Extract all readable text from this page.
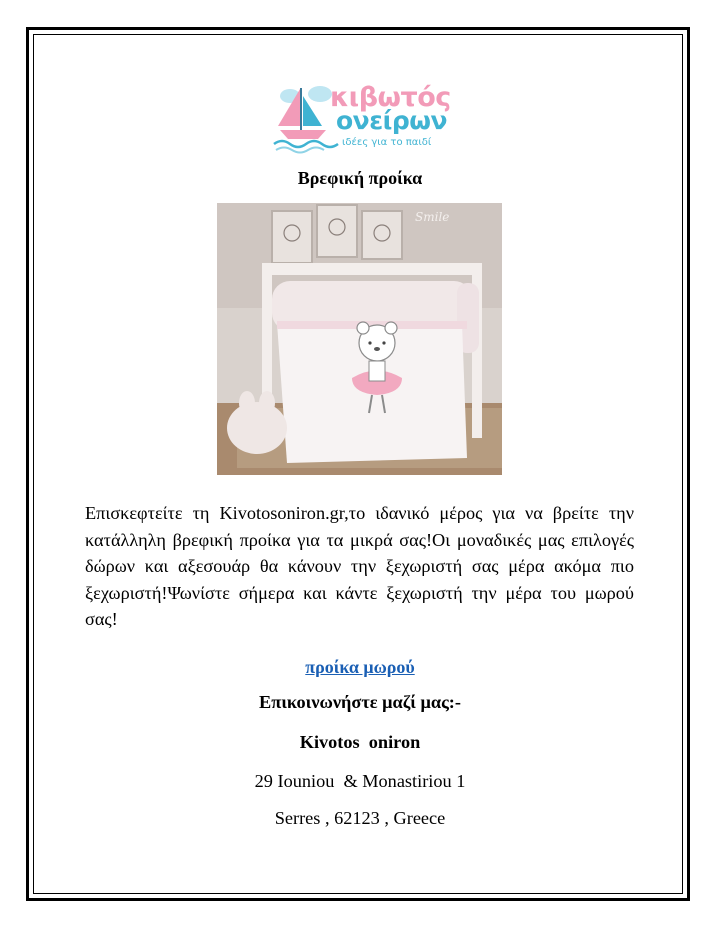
κιβωτός
ονείρων
ιδέες για το παιδί
Βρεφική προίκα
Smile
Επισκεφτείτε τη Kivotosoniron.gr,το ιδανικό μέρος για να βρείτε την κατάλληλη βρεφική προίκα για τα μικρά σας!Οι μοναδικές μας επιλογές δώρων και αξεσουάρ θα κάνουν την ξεχωριστή σας μέρα ακόμα πιο ξεχωριστή!Ψωνίστε σήμερα και κάντε ξεχωριστή την μέρα του μωρού σας!
προίκα μωρού
Επικοινωνήστε μαζί μας:-
Kivotos  oniron
29 Iouniou  & Monastiriou 1
Serres , 62123 , Greece
